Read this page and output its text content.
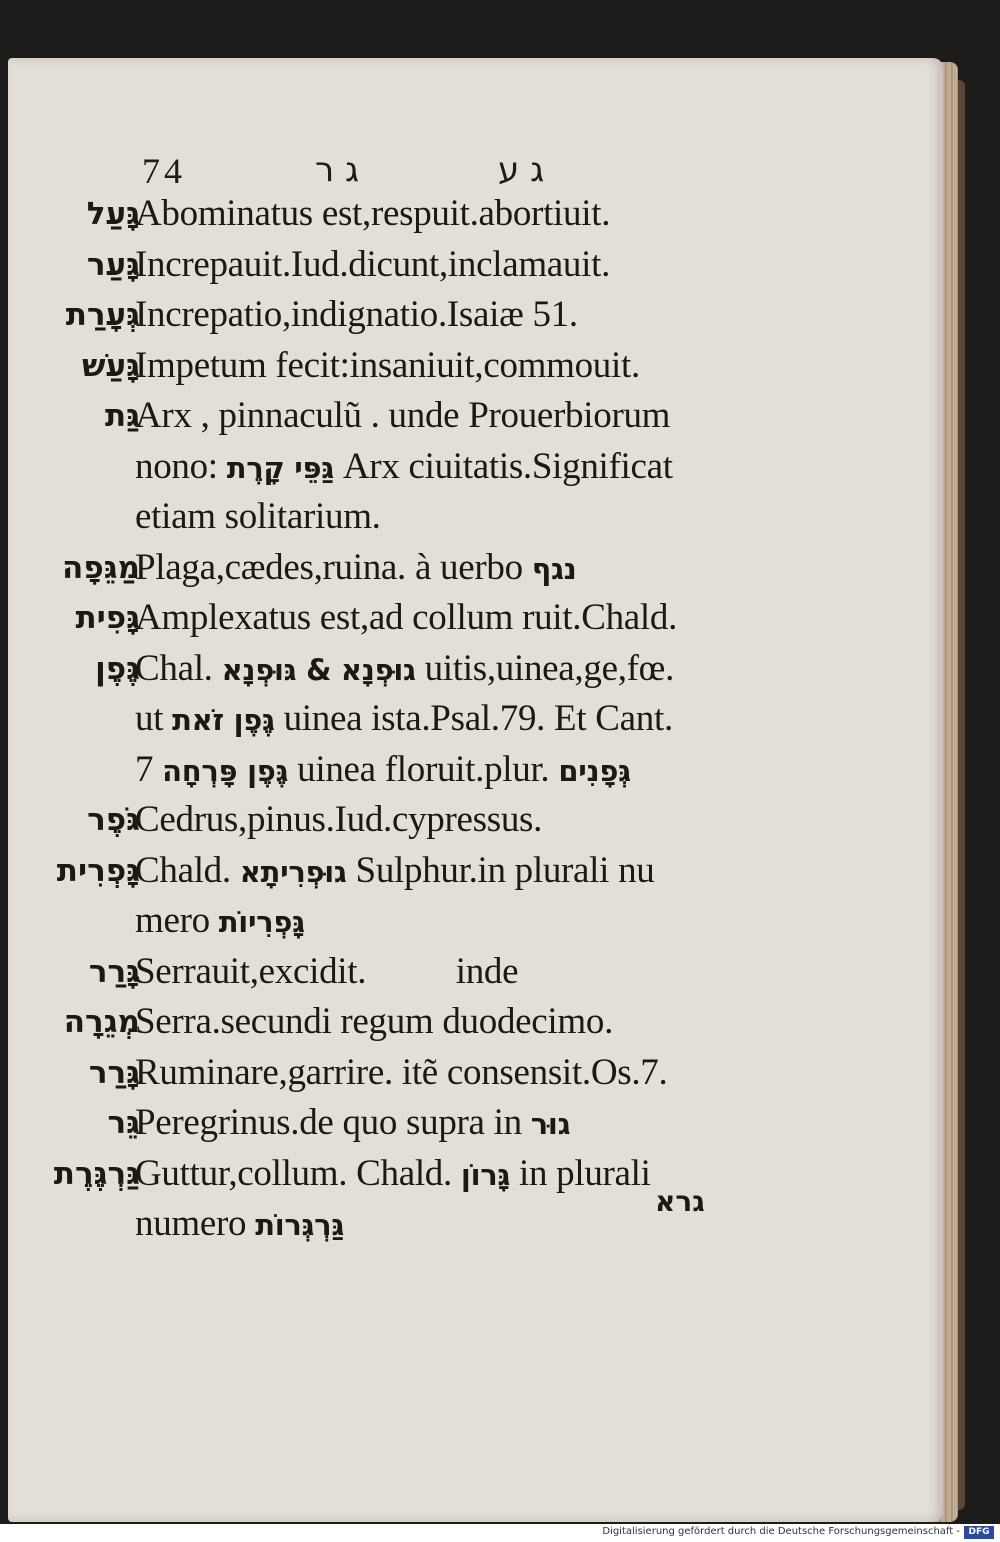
74	ג ר	ג ע
גָּעַל
Abominatus est,respuit.abortiuit.
גָּעַר
Increpauit.Iud.dicunt,inclamauit.
גְּעָרַת
Increpatio,indignatio.Isaiæ 51.
גָּעַשׁ
Impetum fecit:insaniuit,commouit.
גַּת
Arx , pinnaculũ . unde Prouerbiorum
nono: גַּפֵּי קָרֶת Arx ciuitatis.Significat
etiam solitarium.
מַגֵּפָה
Plaga,cædes,ruina. à uerbo נגף
גָּפִית
Amplexatus est,ad collum ruit.Chald.
גֶּפֶן
Chal. גוּפְנָא & גּוּפְנָא uitis,uinea,ge,fœ.
ut גֶּפֶן זֹאת uinea ista.Psal.79. Et Cant.
7 גֶּפֶן פָּרְחָה uinea floruit.plur. גְּפָנִים
גֹּפֶר
Cedrus,pinus.Iud.cypressus.
גָּפְרִית
Chald. גוּפְרִיתָא Sulphur.in plurali nu
mero גָּפְרִיוֹת
גָּרַר
Serrauit,excidit.          inde
מְגֵרָה
Serra.secundi regum duodecimo.
גָּרַר
Ruminare,garrire. itẽ consensit.Os.7.
גֵּר
Peregrinus.de quo supra in גוּר
גַּרְגֶּרֶת
Guttur,collum. Chald. גָּרוֹן in plurali
numero גַּרְגְּרוֹת
גרא
Digitalisierung gefördert durch die Deutsche Forschungsgemeinschaft - DFG
